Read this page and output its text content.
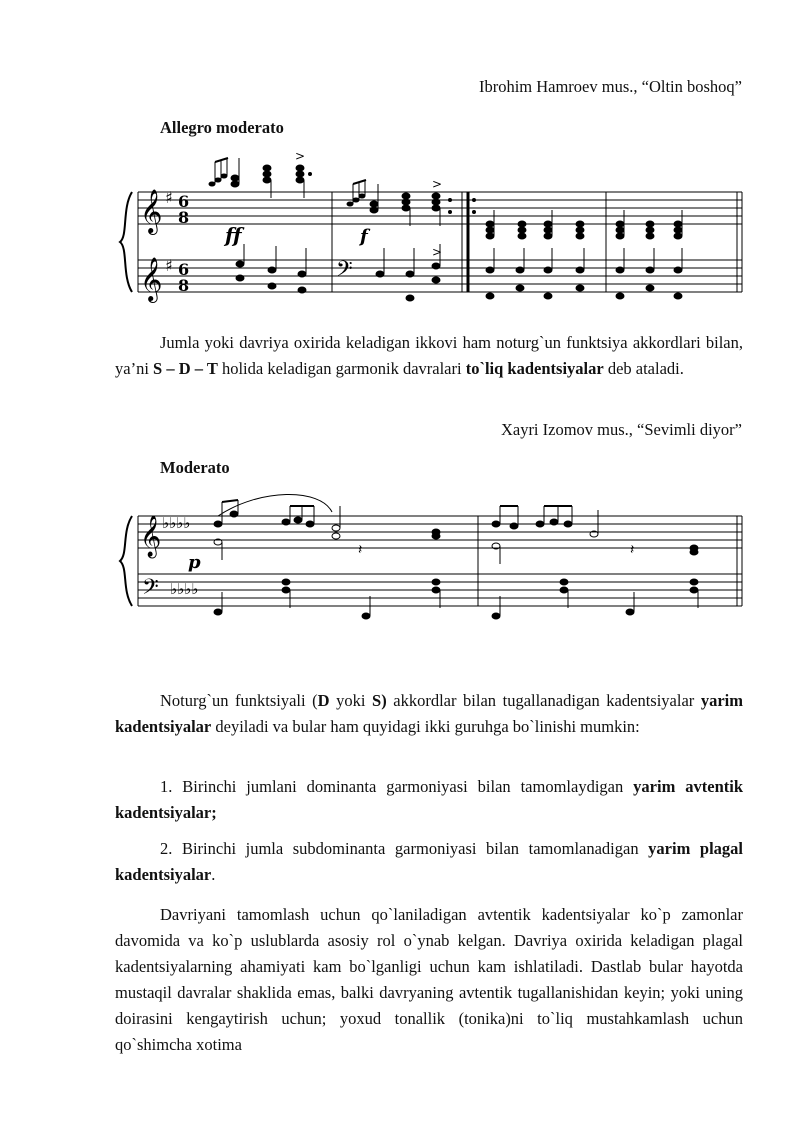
Ibrohim Hamroev mus., “Oltin boshoq”
Allegro moderato
𝄞
𝄞
♯
♯
6
8
6
8	𝄢
>
>
>
ff	f
Jumla yoki davriya oxirida keladigan ikkovi ham noturg`un funktsiya akkordlari bilan, ya’ni S – D – T holida keladigan garmonik davralari to`liq kadentsiyalar deb ataladi.
Xayri Izomov mus., “Sevimli diyor”
Moderato
𝄞
𝄢
♭♭♭♭
♭♭♭♭
𝄽	𝄽
p
Noturg`un funktsiyali (D yoki S) akkordlar bilan tugallanadigan kadentsiyalar yarim kadentsiyalar deyiladi va bular ham quyidagi ikki guruhga bo`linishi mumkin:
1. Birinchi jumlani dominanta garmoniyasi bilan tamomlaydigan yarim avtentik kadentsiyalar;
2. Birinchi jumla subdominanta garmoniyasi bilan tamomlanadigan yarim plagal kadentsiyalar.
Davriyani tamomlash uchun qo`laniladigan avtentik kadentsiyalar ko`p zamonlar davomida va ko`p uslublarda asosiy rol o`ynab kelgan. Davriya oxirida keladigan plagal kadentsiyalarning ahamiyati kam bo`lganligi uchun kam ishlatiladi. Dastlab bular hayotda mustaqil davralar shaklida emas, balki davryaning avtentik tugallanishidan keyin; yoki uning doirasini kengaytirish uchun; yoxud tonallik (tonika)ni to`liq mustahkamlash uchun qo`shimcha xotima
